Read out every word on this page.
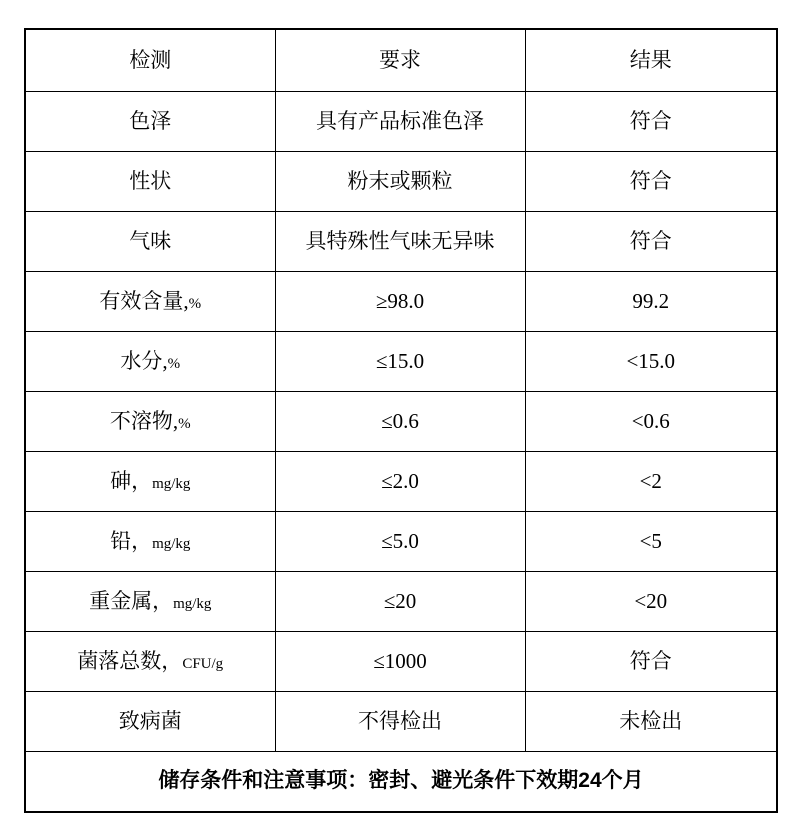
检测	要求	结果
色泽	具有产品标准色泽	符合
性状	粉末或颗粒	符合
气味	具特殊性气味无异味	符合
有效含量,%	≥98.0	99.2
水分,%	≤15.0	<15.0
不溶物,%	≤0.6	<0.6
砷，mg/kg	≤2.0	<2
铅，mg/kg	≤5.0	<5
重金属，mg/kg	≤20	<20
菌落总数，CFU/g	≤1000	符合
致病菌	不得检出	未检出
储存条件和注意事项：密封、避光条件下效期24个月		
